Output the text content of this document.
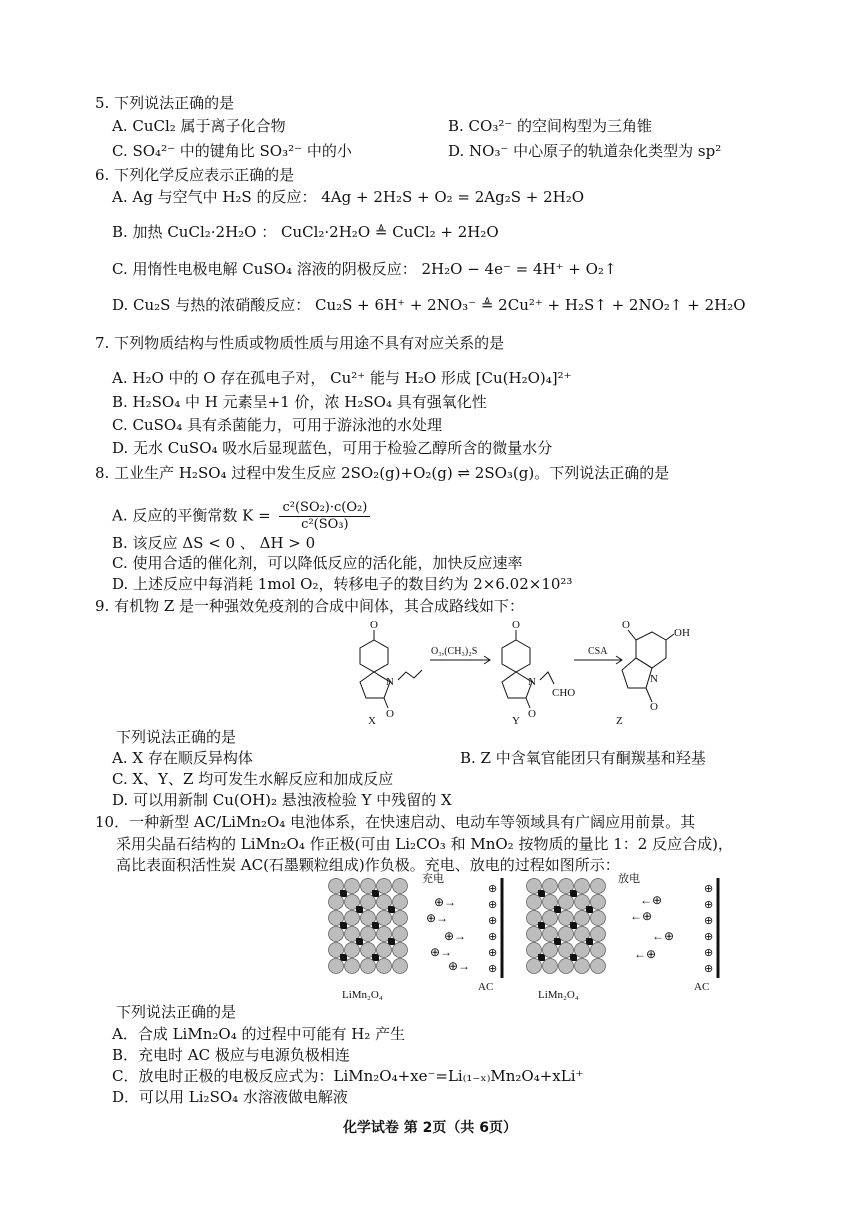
5. 下列说法正确的是
A. CuCl₂ 属于离子化合物	B. CO₃²⁻ 的空间构型为三角锥
C. SO₄²⁻ 中的键角比 SO₃²⁻ 中的小	D. NO₃⁻ 中心原子的轨道杂化类型为 sp²
6. 下列化学反应表示正确的是
A. Ag 与空气中 H₂S 的反应： 4Ag + 2H₂S + O₂ = 2Ag₂S + 2H₂O
B. 加热 CuCl₂·2H₂O ： CuCl₂·2H₂O ≜ CuCl₂ + 2H₂O
C. 用惰性电极电解 CuSO₄ 溶液的阴极反应： 2H₂O − 4e⁻ = 4H⁺ + O₂↑
D. Cu₂S 与热的浓硝酸反应： Cu₂S + 6H⁺ + 2NO₃⁻ ≜ 2Cu²⁺ + H₂S↑ + 2NO₂↑ + 2H₂O
7. 下列物质结构与性质或物质性质与用途不具有对应关系的是
A. H₂O 中的 O 存在孤电子对， Cu²⁺ 能与 H₂O 形成 [Cu(H₂O)₄]²⁺
B. H₂SO₄ 中 H 元素呈+1 价，浓 H₂SO₄ 具有强氧化性
C. CuSO₄ 具有杀菌能力，可用于游泳池的水处理
D. 无水 CuSO₄ 吸水后显现蓝色，可用于检验乙醇所含的微量水分
8. 工业生产 H₂SO₄ 过程中发生反应 2SO₂(g)+O₂(g) ⇌ 2SO₃(g)。下列说法正确的是
A. 反应的平衡常数 $K = \frac{\text{c²(SO₂)·c(O₂)}}{\text{c²(SO₃)}}$
B. 该反应 ΔS < 0 、 ΔH > 0
C. 使用合适的催化剂，可以降低反应的活化能，加快反应速率
D. 上述反应中每消耗 1mol O₂，转移电子的数目约为 2×6.02×10²³
9. 有机物 Z 是一种强效免疫剂的合成中间体，其合成路线如下：
O
N
O
X
O₃,(CH₃)₂S
O
N
O
CHO
Y
CSA
O
OH
N
O
Z
下列说法正确的是
A. X 存在顺反异构体	B. Z 中含氧官能团只有酮羰基和羟基
C. X、Y、Z 均可发生水解反应和加成反应
D. 可以用新制 Cu(OH)₂ 悬浊液检验 Y 中残留的 X
10．一种新型 AC/LiMn₂O₄ 电池体系，在快速启动、电动车等领域具有广阔应用前景。其
采用尖晶石结构的 LiMn₂O₄ 作正极(可由 Li₂CO₃ 和 MnO₂ 按物质的量比 1：2 反应合成)，
高比表面积活性炭 AC(石墨颗粒组成)作负极。充电、放电的过程如图所示：
充电	放电
LiMn₂O₄	LiMn₂O₄
AC	AC
⊕→
⊕→
⊕→
⊕→
⊕→
←⊕
←⊕
←⊕
←⊕
⊕
⊕
⊕
⊕
⊕
⊕
⊕
⊕
⊕
⊕
⊕
⊕
下列说法正确的是
A．合成 LiMn₂O₄ 的过程中可能有 H₂ 产生
B．充电时 AC 极应与电源负极相连
C．放电时正极的电极反应式为：LiMn₂O₄+xe⁻=Li₍₁₋ₓ₎Mn₂O₄+xLi⁺
D．可以用 Li₂SO₄ 水溶液做电解液
化学试卷 第 2页（共 6页）
